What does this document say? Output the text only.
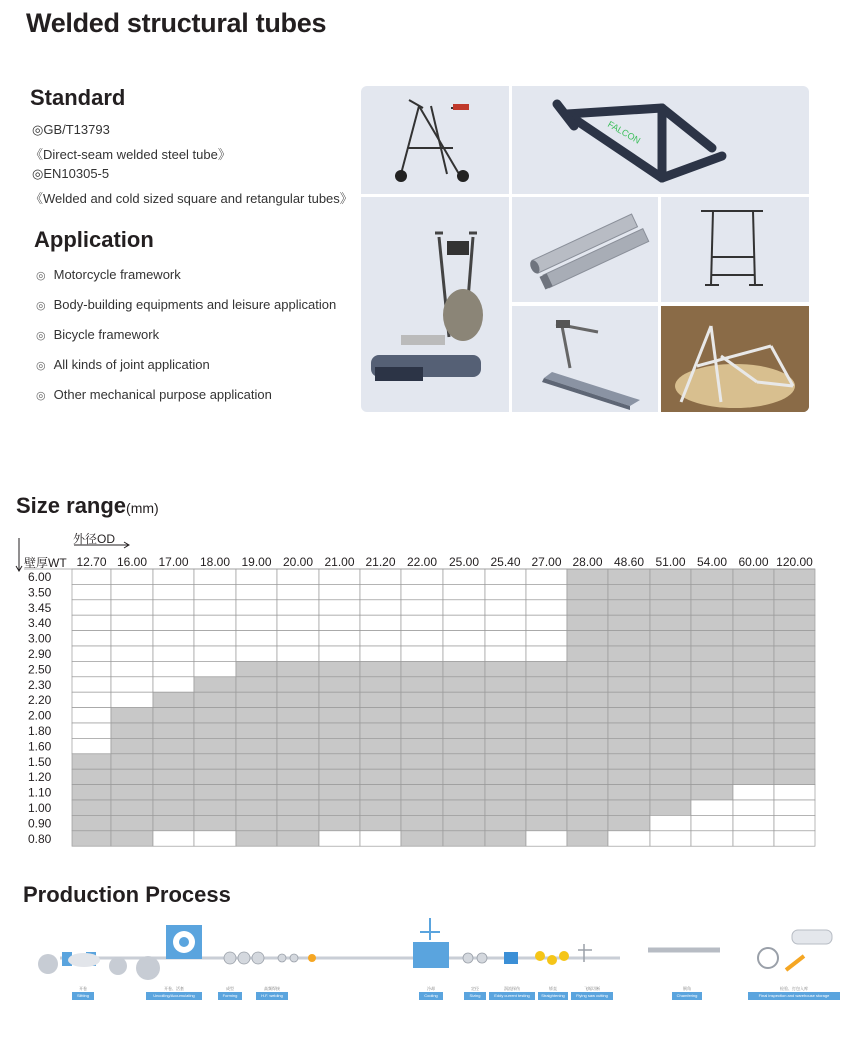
Welded structural tubes
Standard
◎GB/T13793
《Direct-seam welded steel tube》
◎EN10305-5
《Welded and cold sized square and retangular tubes》
Application
◎ Motorcycle framework
◎ Body-building equipments and leisure application
◎ Bicycle framework
◎ All kinds of joint application
◎ Other mechanical purpose application
FALCON
Size range(mm)
外径OD
壁厚WT 12.70 16.00 17.00 18.00 19.00 20.00 21.00 21.20 22.00 25.00 25.40 27.00 28.00 48.60 51.00 54.00 60.00 120.00
6.00
3.50
3.45
3.40
3.00
2.90
2.50
2.30
2.20
2.00
1.80
1.60
1.50
1.20
1.10
1.00
0.90
0.80
Production Process
开卷
Slitting
开卷、活套
Uncoiling/Accumulating
成型
Forming
高频焊接
H.F. welding
冷却
Cooling
定径
Sizing
涡流探伤
Eddy current testing
矫直
Straightening
飞锯切断
Flying saw cutting
倒角
Chamfering
检验、打包入库
Final inspection and warehouse storage
